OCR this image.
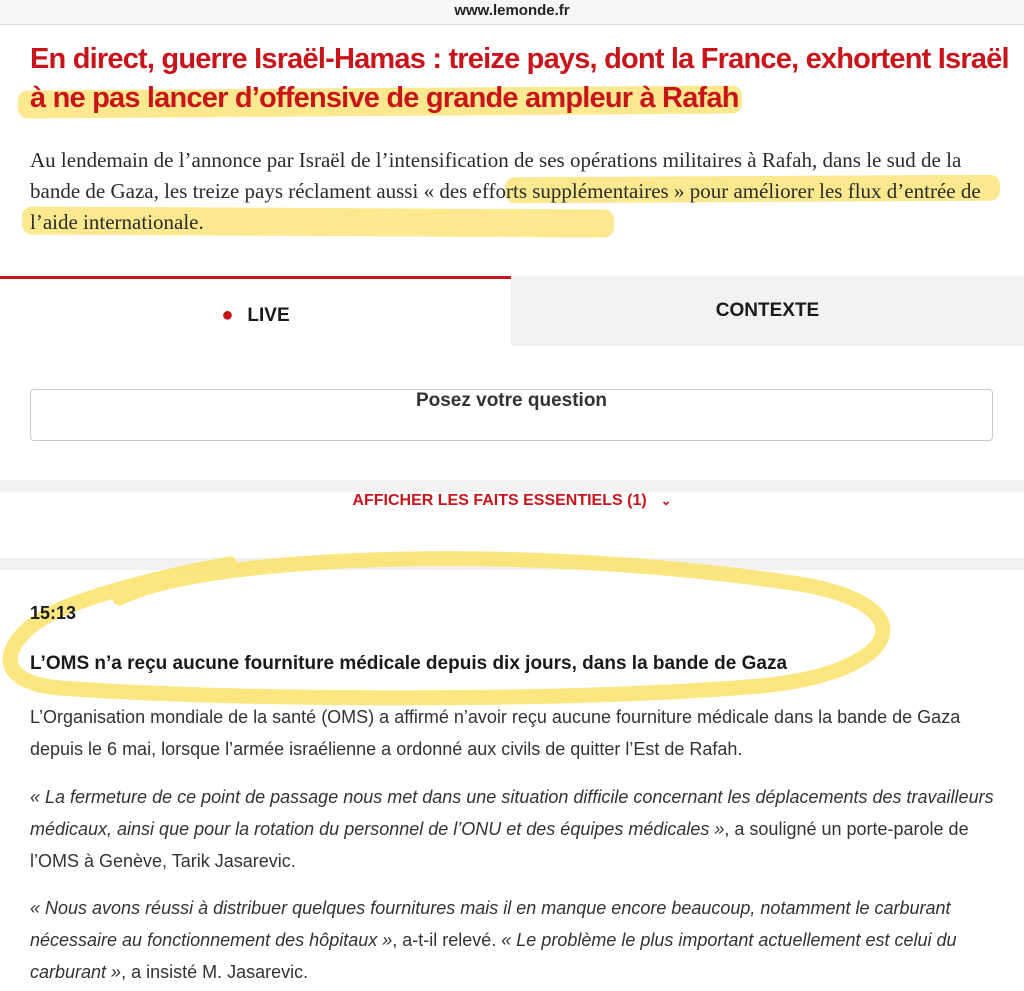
www.lemonde.fr
En direct, guerre Israël-Hamas : treize pays, dont la France, exhortent Israël à ne pas lancer d’offensive de grande ampleur à Rafah

Au lendemain de l’annonce par Israël de l’intensification de ses opérations militaires à Rafah, dans le sud de la bande de Gaza, les treize pays réclament aussi « des efforts supplémentaires » pour améliorer les flux d’entrée de l’aide internationale.

● LIVE	CONTEXTE
Posez votre question
AFFICHER LES FAITS ESSENTIELS (1) ⌄
15:13
L’OMS n’a reçu aucune fourniture médicale depuis dix jours, dans la bande de Gaza

L’Organisation mondiale de la santé (OMS) a affirmé n’avoir reçu aucune fourniture médicale dans la bande de Gaza depuis le 6 mai, lorsque l’armée israélienne a ordonné aux civils de quitter l’Est de Rafah.

« La fermeture de ce point de passage nous met dans une situation difficile concernant les déplacements des travailleurs médicaux, ainsi que pour la rotation du personnel de l’ONU et des équipes médicales », a souligné un porte-parole de l’OMS à Genève, Tarik Jasarevic.

« Nous avons réussi à distribuer quelques fournitures mais il en manque encore beaucoup, notamment le carburant nécessaire au fonctionnement des hôpitaux », a-t-il relevé. « Le problème le plus important actuellement est celui du carburant », a insisté M. Jasarevic.
